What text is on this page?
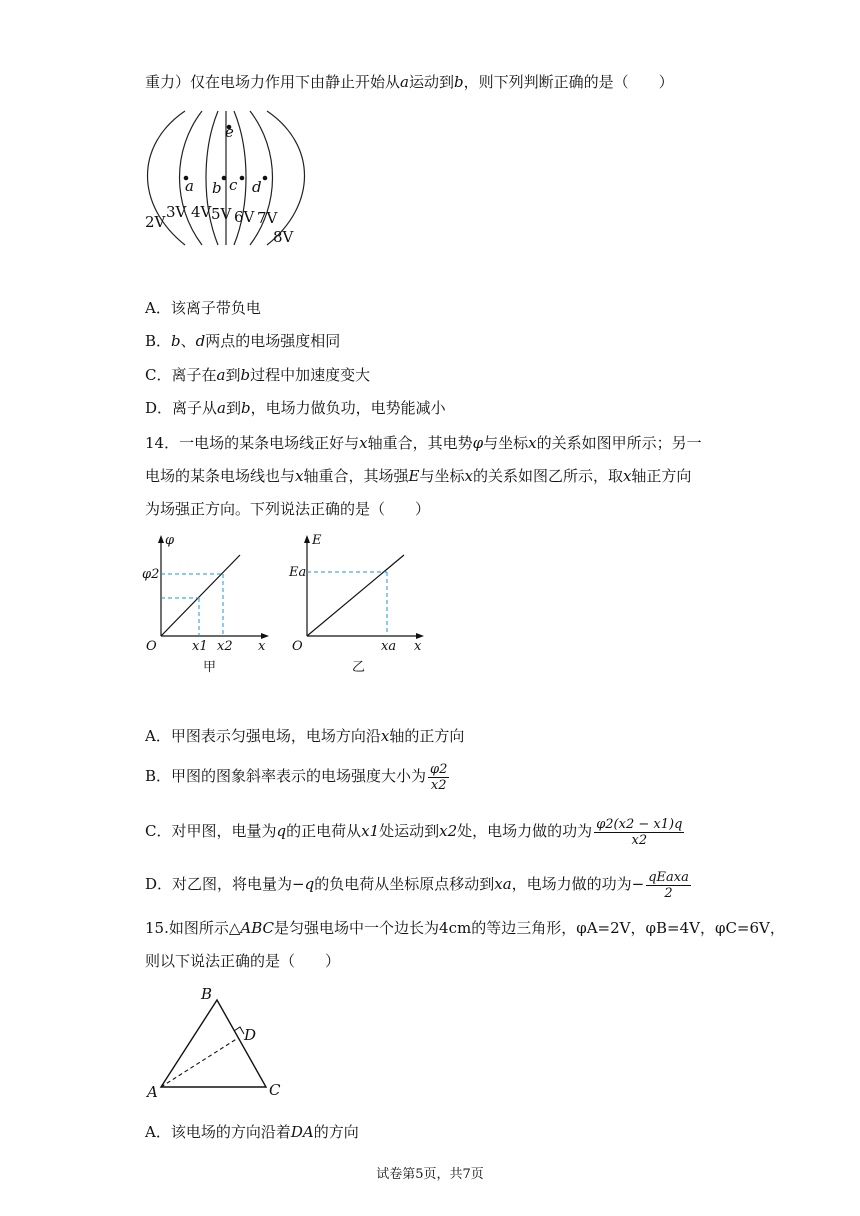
重力）仅在电场力作用下由静止开始从a运动到b，则下列判断正确的是（　　）
e
a b c d
2V
3V 4V 5V 6V 7V
8V
A．该离子带负电
B．b、d两点的电场强度相同
C．离子在a到b过程中加速度变大
D．离子从a到b，电场力做负功，电势能减小
14．一电场的某条电场线正好与x轴重合，其电势φ与坐标x的关系如图甲所示；另一
电场的某条电场线也与x轴重合，其场强E与坐标x的关系如图乙所示，取x轴正方向
为场强正方向。下列说法正确的是（　　）
φ
φ2
x1 x2
O	x
甲
E
Ea
xa
O	x
乙
A．甲图表示匀强电场，电场方向沿x轴的正方向
B．甲图的图象斜率表示的电场强度大小为 $\frac{\varphi 2}{x2}$
C．对甲图，电量为q的正电荷从x1处运动到x2处，电场力做的功为 $\frac{\varphi 2(x2 - x1)q}{x2}$
D．对乙图，将电量为−q的负电荷从坐标原点移动到xa，电场力做的功为− $\frac{\text{qEaxa}}{2}$
15.如图所示△ABC是匀强电场中一个边长为4cm的等边三角形，φA=2V，φB=4V，φC=6V，
则以下说法正确的是（　　）
A
B
C
D
A．该电场的方向沿着DA的方向
试卷第5页，共7页
